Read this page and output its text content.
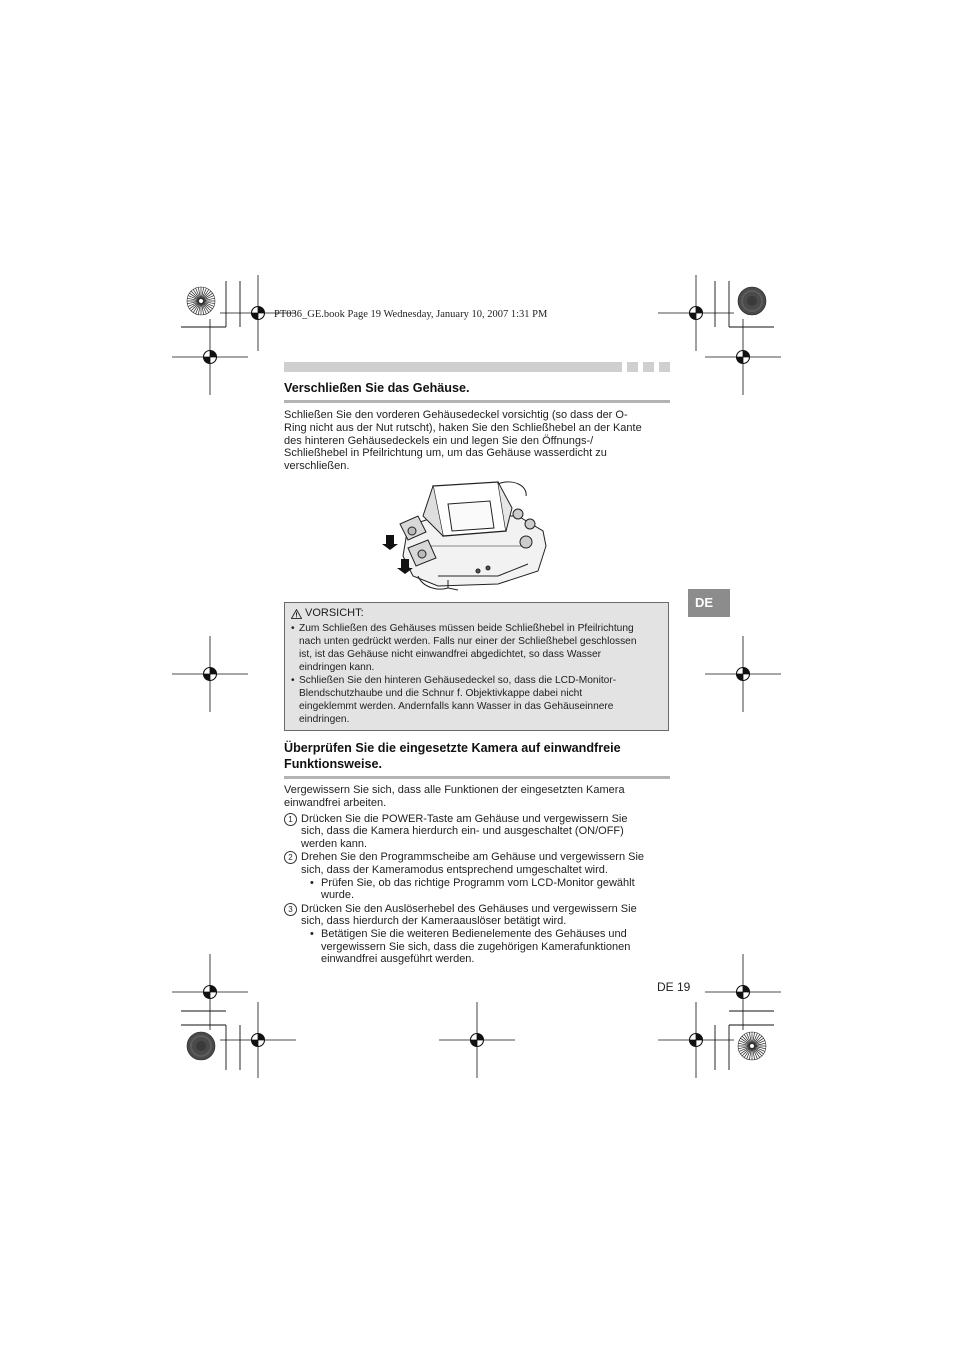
PT036_GE.book Page 19 Wednesday, January 10, 2007 1:31 PM
Verschließen Sie das Gehäuse.

Schließen Sie den vorderen Gehäusedeckel vorsichtig (so dass der O-

Ring nicht aus der Nut rutscht), haken Sie den Schließhebel an der Kante

des hinteren Gehäusedeckels ein und legen Sie den Öffnungs-/

Schließhebel in Pfeilrichtung um, um das Gehäuse wasserdicht zu

verschließen.

VORSICHT:
• Zum Schließen des Gehäuses müssen beide Schließhebel in Pfeilrichtung
nach unten gedrückt werden. Falls nur einer der Schließhebel geschlossen
ist, ist das Gehäuse nicht einwandfrei abgedichtet, so dass Wasser
eindringen kann.
• Schließen Sie den hinteren Gehäusedeckel so, dass die LCD-Monitor-
Blendschutzhaube und die Schnur f. Objektivkappe dabei nicht
eingeklemmt werden. Andernfalls kann Wasser in das Gehäuseinnere
eindringen.
DE
Überprüfen Sie die eingesetzte Kamera auf einwandfreie
Funktionsweise.

Vergewissern Sie sich, dass alle Funktionen der eingesetzten Kamera

einwandfrei arbeiten.

1 Drücken Sie die POWER-Taste am Gehäuse und vergewissern Sie
sich, dass die Kamera hierdurch ein- und ausgeschaltet (ON/OFF)
werden kann.
2 Drehen Sie den Programmscheibe am Gehäuse und vergewissern Sie
sich, dass der Kameramodus entsprechend umgeschaltet wird.
• Prüfen Sie, ob das richtige Programm vom LCD-Monitor gewählt
wurde.
3 Drücken Sie den Auslöserhebel des Gehäuses und vergewissern Sie
sich, dass hierdurch der Kameraauslöser betätigt wird.
• Betätigen Sie die weiteren Bedienelemente des Gehäuses und
vergewissern Sie sich, dass die zugehörigen Kamerafunktionen
einwandfrei ausgeführt werden.
DE 19
